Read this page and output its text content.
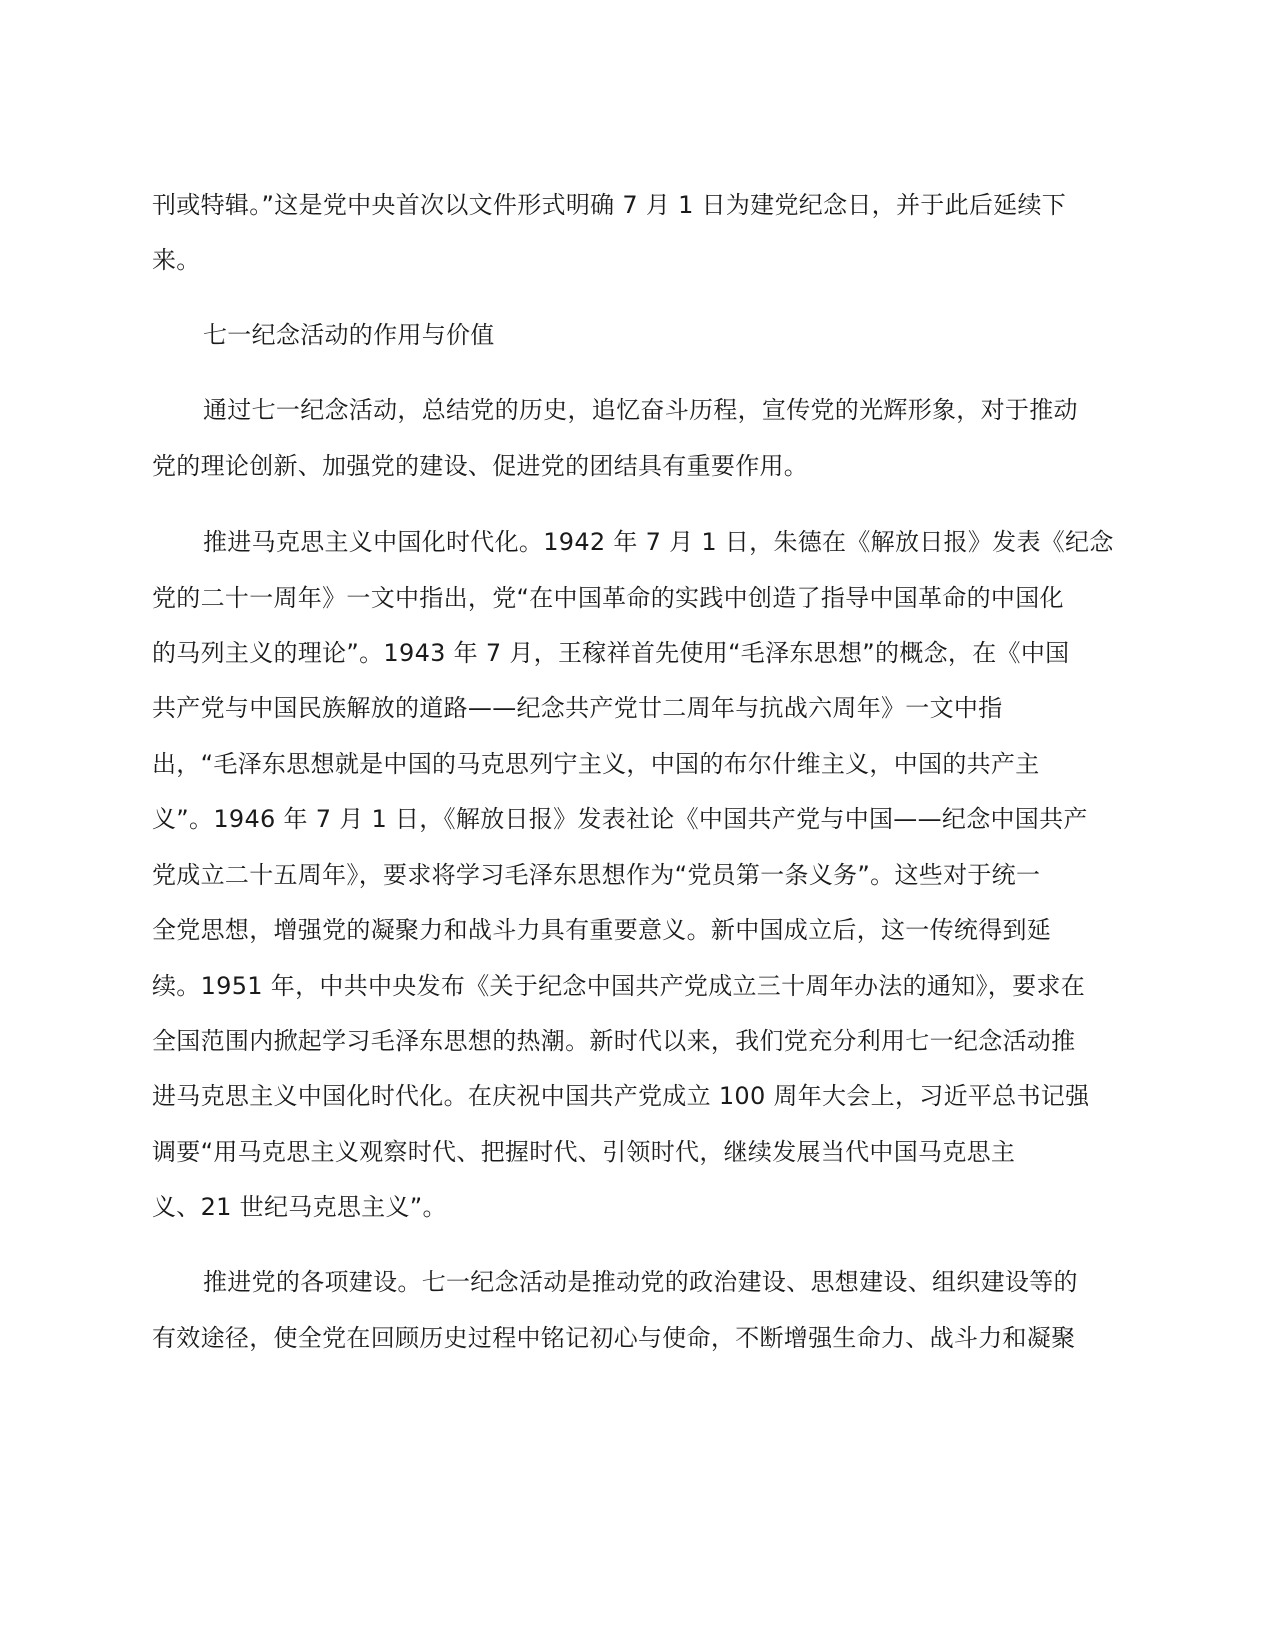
刊或特辑。”这是党中央首次以文件形式明确 7 月 1 日为建党纪念日，并于此后延续下
来。
七一纪念活动的作用与价值
通过七一纪念活动，总结党的历史，追忆奋斗历程，宣传党的光辉形象，对于推动
党的理论创新、加强党的建设、促进党的团结具有重要作用。
推进马克思主义中国化时代化。1942 年 7 月 1 日，朱德在《解放日报》发表《纪念
党的二十一周年》一文中指出，党“在中国革命的实践中创造了指导中国革命的中国化
的马列主义的理论”。1943 年 7 月，王稼祥首先使用“毛泽东思想”的概念，在《中国
共产党与中国民族解放的道路——纪念共产党廿二周年与抗战六周年》一文中指
出，“毛泽东思想就是中国的马克思列宁主义，中国的布尔什维主义，中国的共产主
义”。1946 年 7 月 1 日，《解放日报》发表社论《中国共产党与中国——纪念中国共产
党成立二十五周年》，要求将学习毛泽东思想作为“党员第一条义务”。这些对于统一
全党思想，增强党的凝聚力和战斗力具有重要意义。新中国成立后，这一传统得到延
续。1951 年，中共中央发布《关于纪念中国共产党成立三十周年办法的通知》，要求在
全国范围内掀起学习毛泽东思想的热潮。新时代以来，我们党充分利用七一纪念活动推
进马克思主义中国化时代化。在庆祝中国共产党成立 100 周年大会上，习近平总书记强
调要“用马克思主义观察时代、把握时代、引领时代，继续发展当代中国马克思主
义、21 世纪马克思主义”。
推进党的各项建设。七一纪念活动是推动党的政治建设、思想建设、组织建设等的
有效途径，使全党在回顾历史过程中铭记初心与使命，不断增强生命力、战斗力和凝聚
